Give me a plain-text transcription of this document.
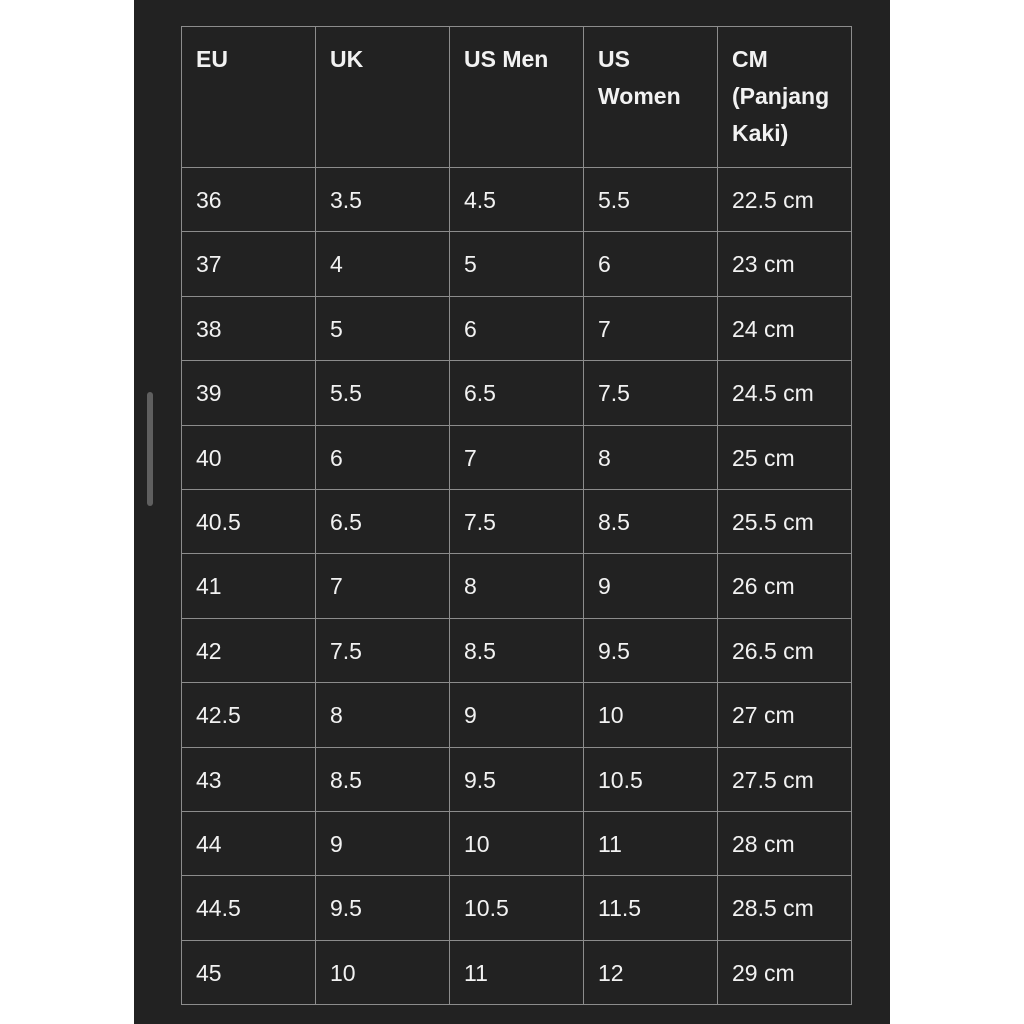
EU	UK	US Men	US Women	CM (Panjang Kaki)
36	3.5	4.5	5.5	22.5 cm
37	4	5	6	23 cm
38	5	6	7	24 cm
39	5.5	6.5	7.5	24.5 cm
40	6	7	8	25 cm
40.5	6.5	7.5	8.5	25.5 cm
41	7	8	9	26 cm
42	7.5	8.5	9.5	26.5 cm
42.5	8	9	10	27 cm
43	8.5	9.5	10.5	27.5 cm
44	9	10	11	28 cm
44.5	9.5	10.5	11.5	28.5 cm
45	10	11	12	29 cm
